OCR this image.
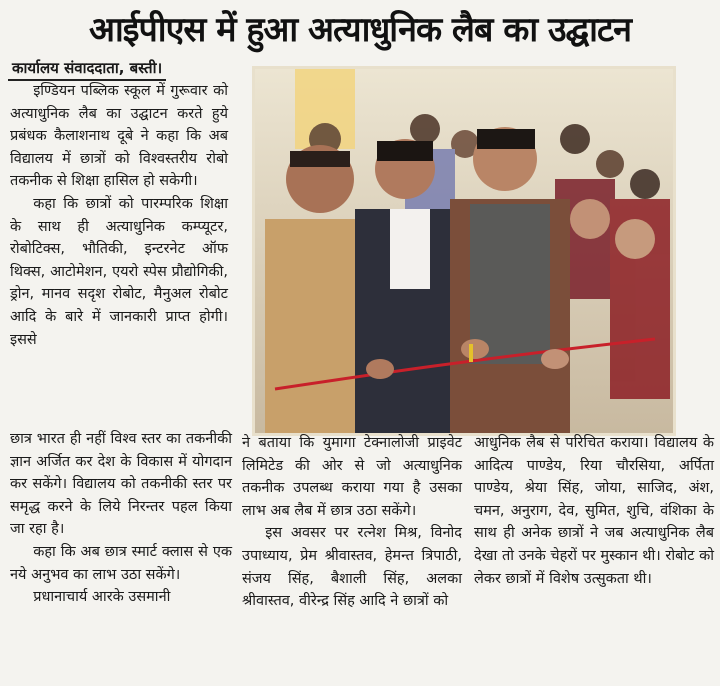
आईपीएस में हुआ अत्याधुनिक लैब का उद्घाटन
कार्यालय संवाददाता, बस्ती।

इण्डियन पब्लिक स्कूल में गुरूवार को अत्याधुनिक लैब का उद्घाटन करते हुये प्रबंधक कैलाशनाथ दूबे ने कहा कि अब विद्यालय में छात्रों को विश्वस्तरीय रोबो तकनीक से शिक्षा हासिल हो सकेगी।

कहा कि छात्रों को पारम्परिक शिक्षा के साथ ही अत्याधुनिक कम्प्यूटर, रोबोटिक्स, भौतिकी, इन्टरनेट ऑफ थिक्स, आटोमेशन, एयरो स्पेस प्रौद्योगिकी, ड्रोन, मानव सदृश रोबोट, मैनुअल रोबोट आदि के बारे में जानकारी प्राप्त होगी। इससे

छात्र भारत ही नहीं विश्व स्तर का तकनीकी ज्ञान अर्जित कर देश के विकास में योगदान कर सकेंगे। विद्यालय को तकनीकी स्तर पर समृद्ध करने के लिये निरन्तर पहल किया जा रहा है।

कहा कि अब छात्र स्मार्ट क्लास से एक नये अनुभव का लाभ उठा सकेंगे।

प्रधानाचार्य आरके उसमानी

ने बताया कि युमागा टेक्नालोजी प्राइवेट लिमिटेड की ओर से जो अत्याधुनिक तकनीक उपलब्ध कराया गया है उसका लाभ अब लैब में छात्र उठा सकेंगे।

इस अवसर पर रत्नेश मिश्र, विनोद उपाध्याय, प्रेम श्रीवास्तव, हेमन्त त्रिपाठी, संजय सिंह, बैशाली सिंह, अलका श्रीवास्तव, वीरेन्द्र सिंह आदि ने छात्रों को

आधुनिक लैब से परिचित कराया। विद्यालय के आदित्य पाण्डेय, रिया चौरसिया, अर्पिता पाण्डेय, श्रेया सिंह, जोया, साजिद, अंश, चमन, अनुराग, देव, सुमित, शुचि, वंशिका के साथ ही अनेक छात्रों ने जब अत्याधुनिक लैब देखा तो उनके चेहरों पर मुस्कान थी। रोबोट को लेकर छात्रों में विशेष उत्सुकता थी।
